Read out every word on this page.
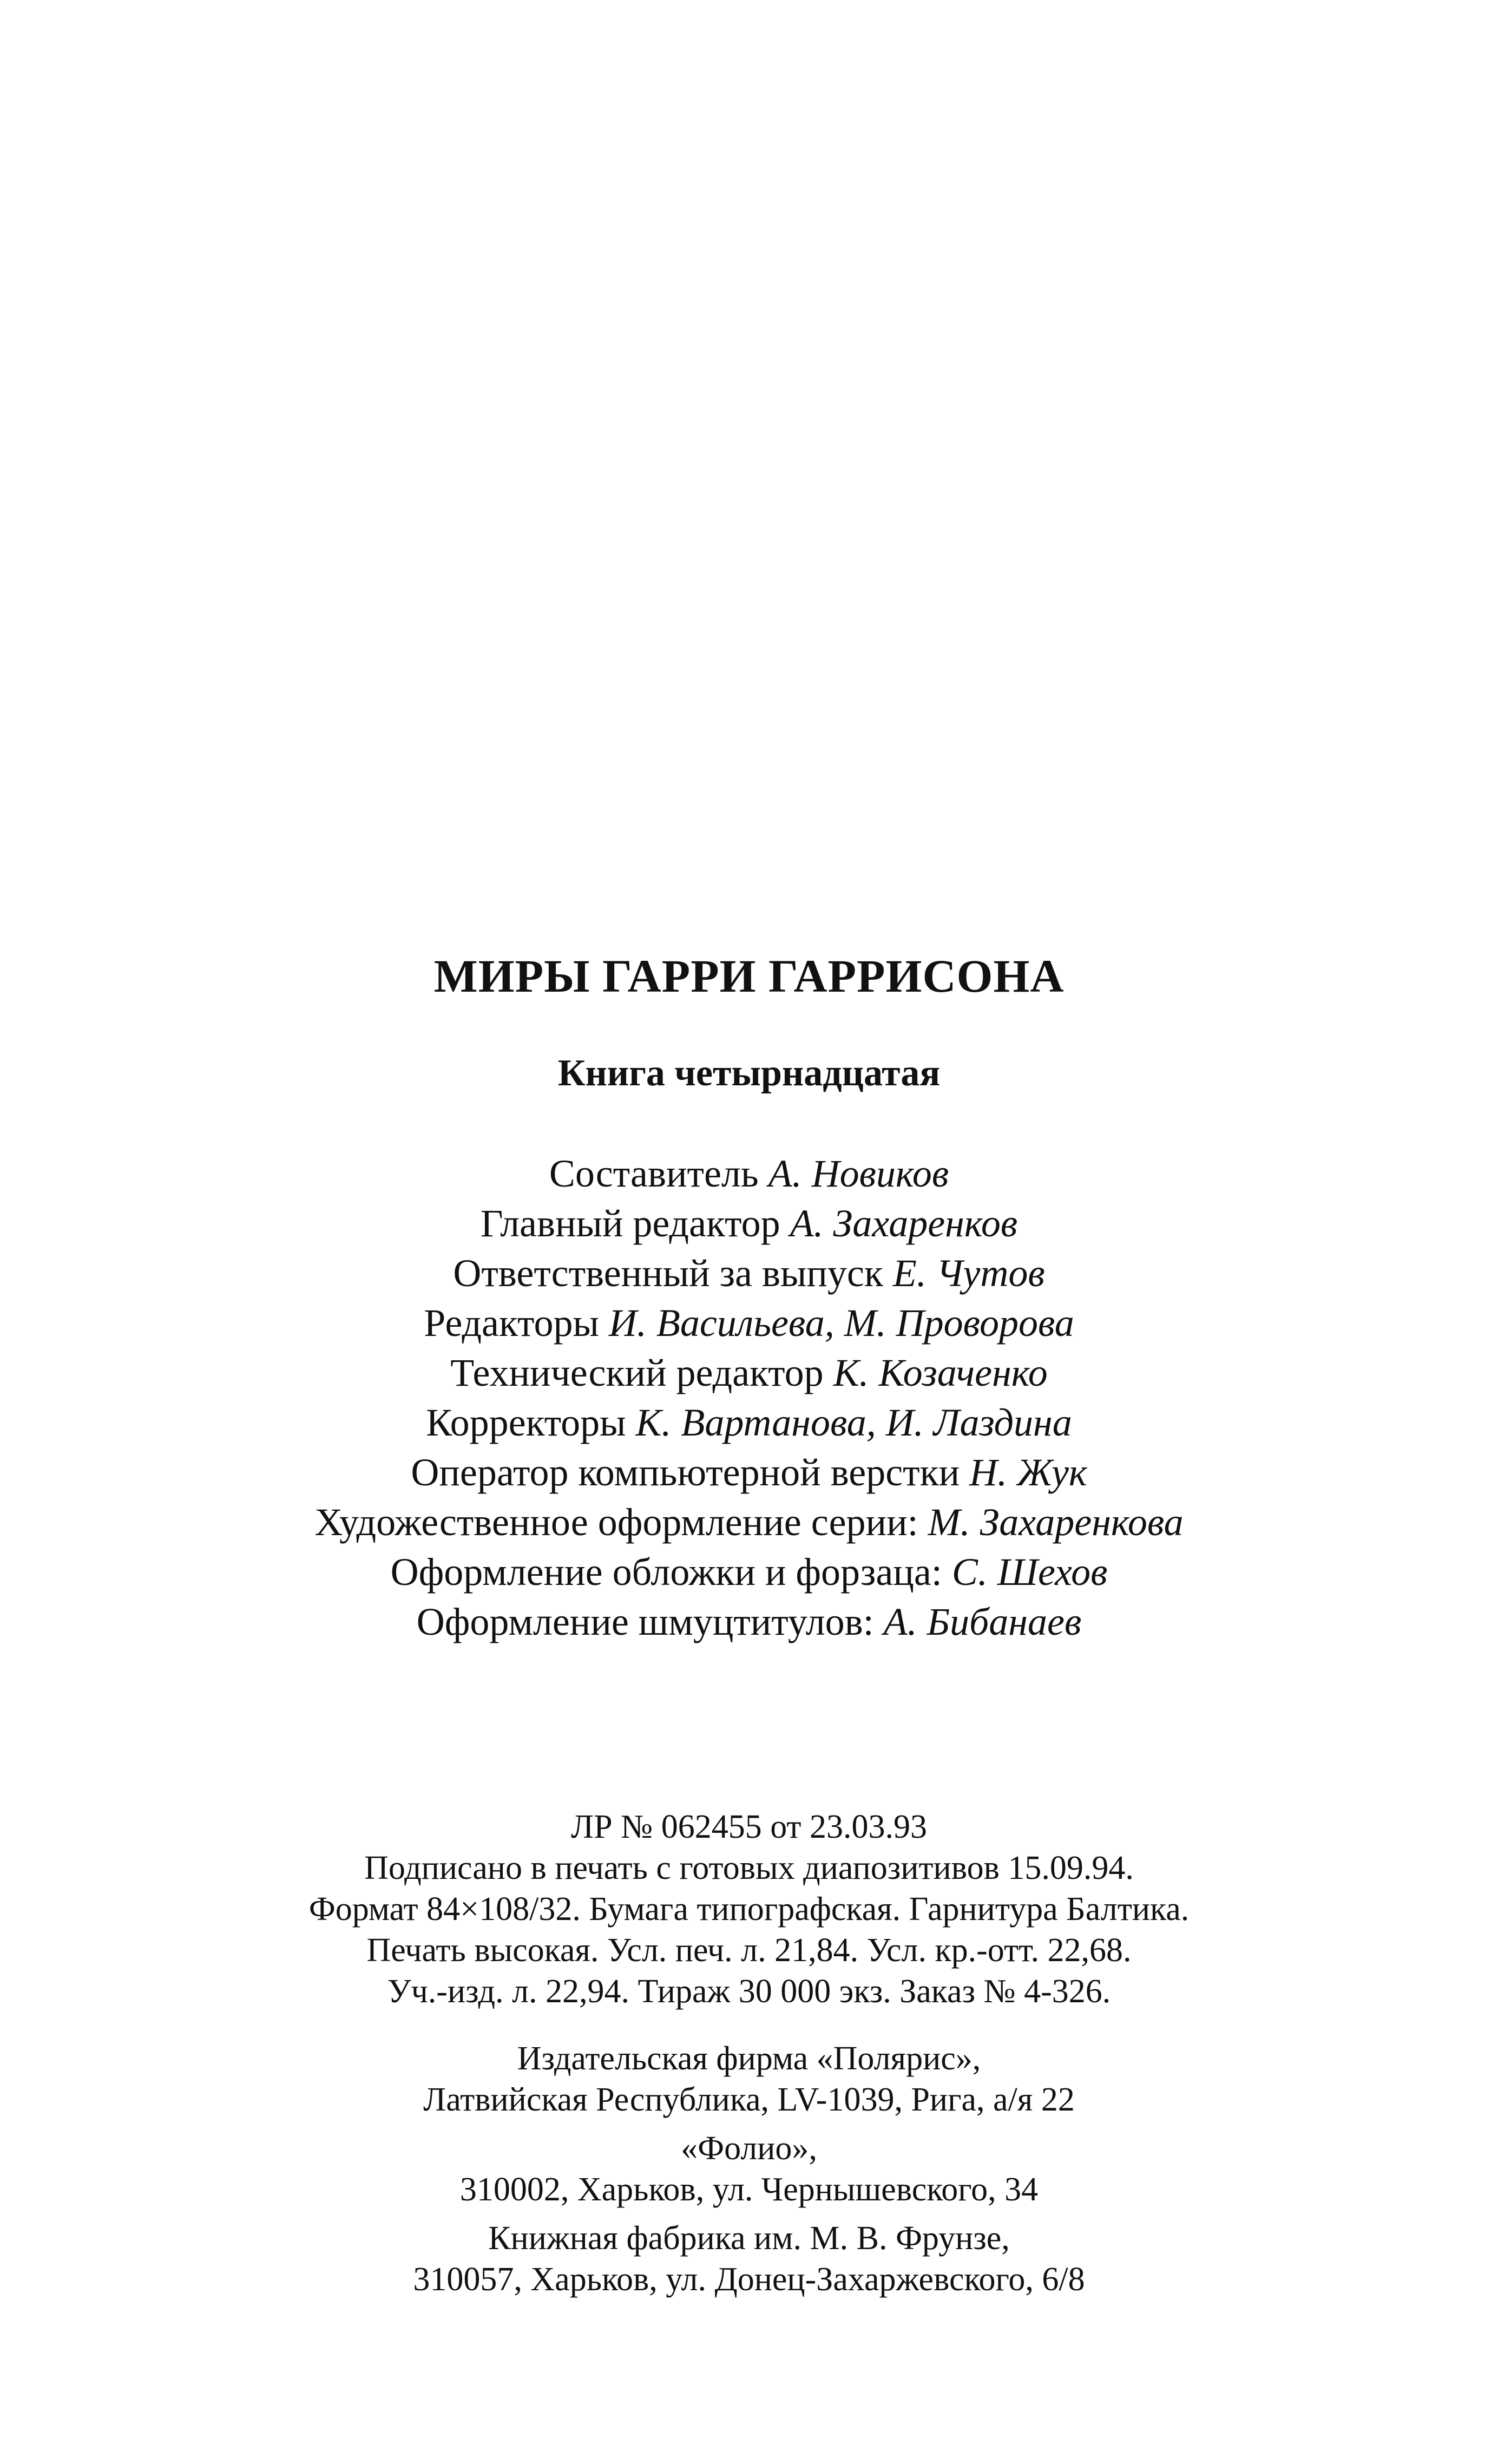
МИРЫ ГАРРИ ГАРРИСОНА
Книга четырнадцатая
Составитель А. Новиков
Главный редактор А. Захаренков
Ответственный за выпуск Е. Чутов
Редакторы И. Васильева, М. Проворова
Технический редактор К. Козаченко
Корректоры К. Вартанова, И. Лаздина
Оператор компьютерной верстки Н. Жук
Художественное оформление серии: М. Захаренкова
Оформление обложки и форзаца: С. Шехов
Оформление шмуцтитулов: А. Бибанаев
ЛР № 062455 от 23.03.93
Подписано в печать с готовых диапозитивов 15.09.94.
Формат 84×108/32. Бумага типографская. Гарнитура Балтика.
Печать высокая. Усл. печ. л. 21,84. Усл. кр.-отт. 22,68.
Уч.-изд. л. 22,94. Тираж 30 000 экз. Заказ № 4-326.
Издательская фирма «Полярис»,
Латвийская Республика, LV-1039, Рига, а/я 22
«Фолио»,
310002, Харьков, ул. Чернышевского, 34
Книжная фабрика им. М. В. Фрунзе,
310057, Харьков, ул. Донец-Захаржевского, 6/8
